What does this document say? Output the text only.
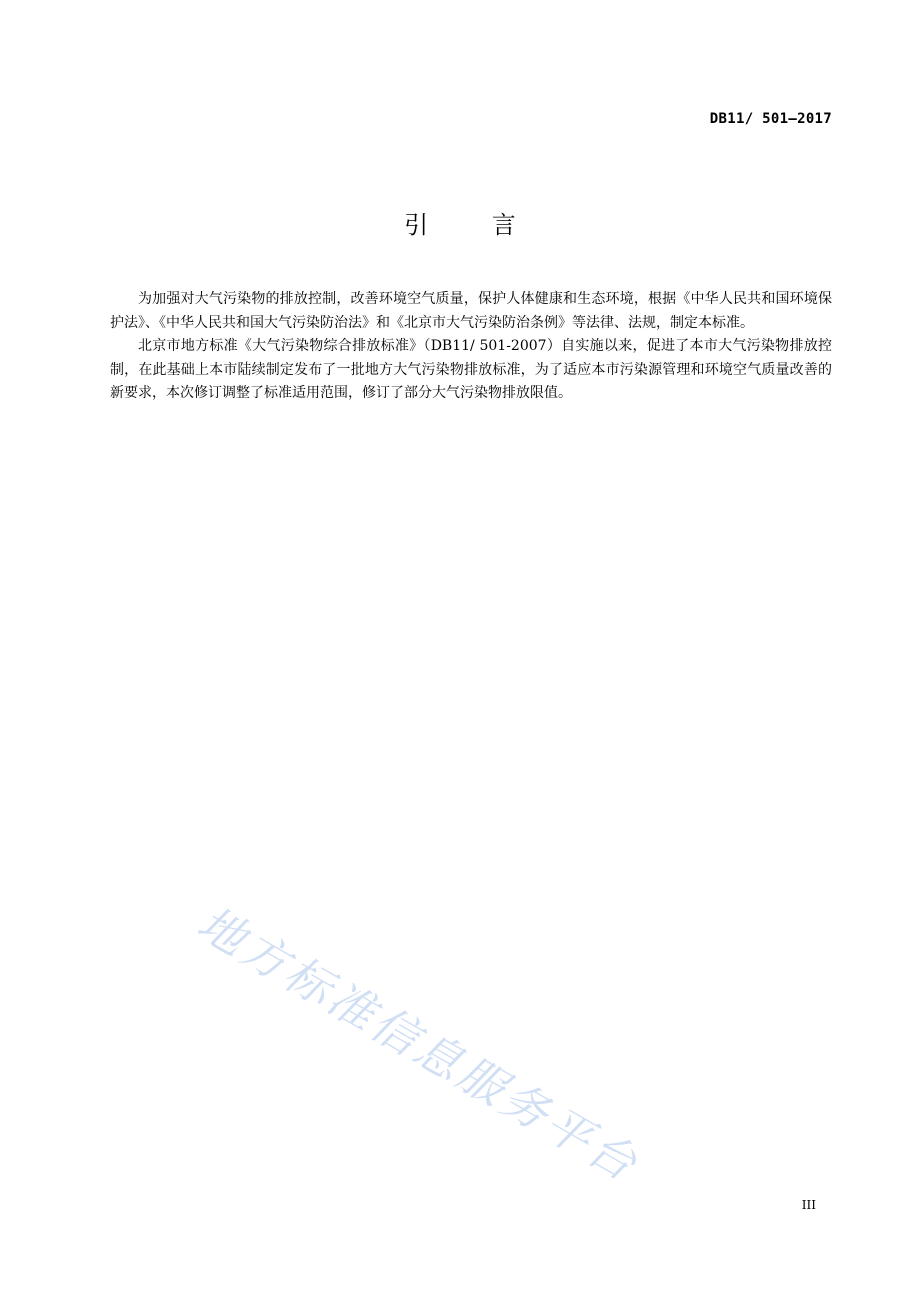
DB11/ 501—2017
引 言

为加强对大气污染物的排放控制，改善环境空气质量，保护人体健康和生态环境，根据《中华人民共和国环境保护法》、《中华人民共和国大气污染防治法》和《北京市大气污染防治条例》等法律、法规，制定本标准。

北京市地方标准《大气污染物综合排放标准》（DB11/ 501-2007）自实施以来，促进了本市大气污染物排放控制，在此基础上本市陆续制定发布了一批地方大气污染物排放标准，为了适应本市污染源管理和环境空气质量改善的新要求，本次修订调整了标准适用范围，修订了部分大气污染物排放限值。

地方标准信息服务平台
III
